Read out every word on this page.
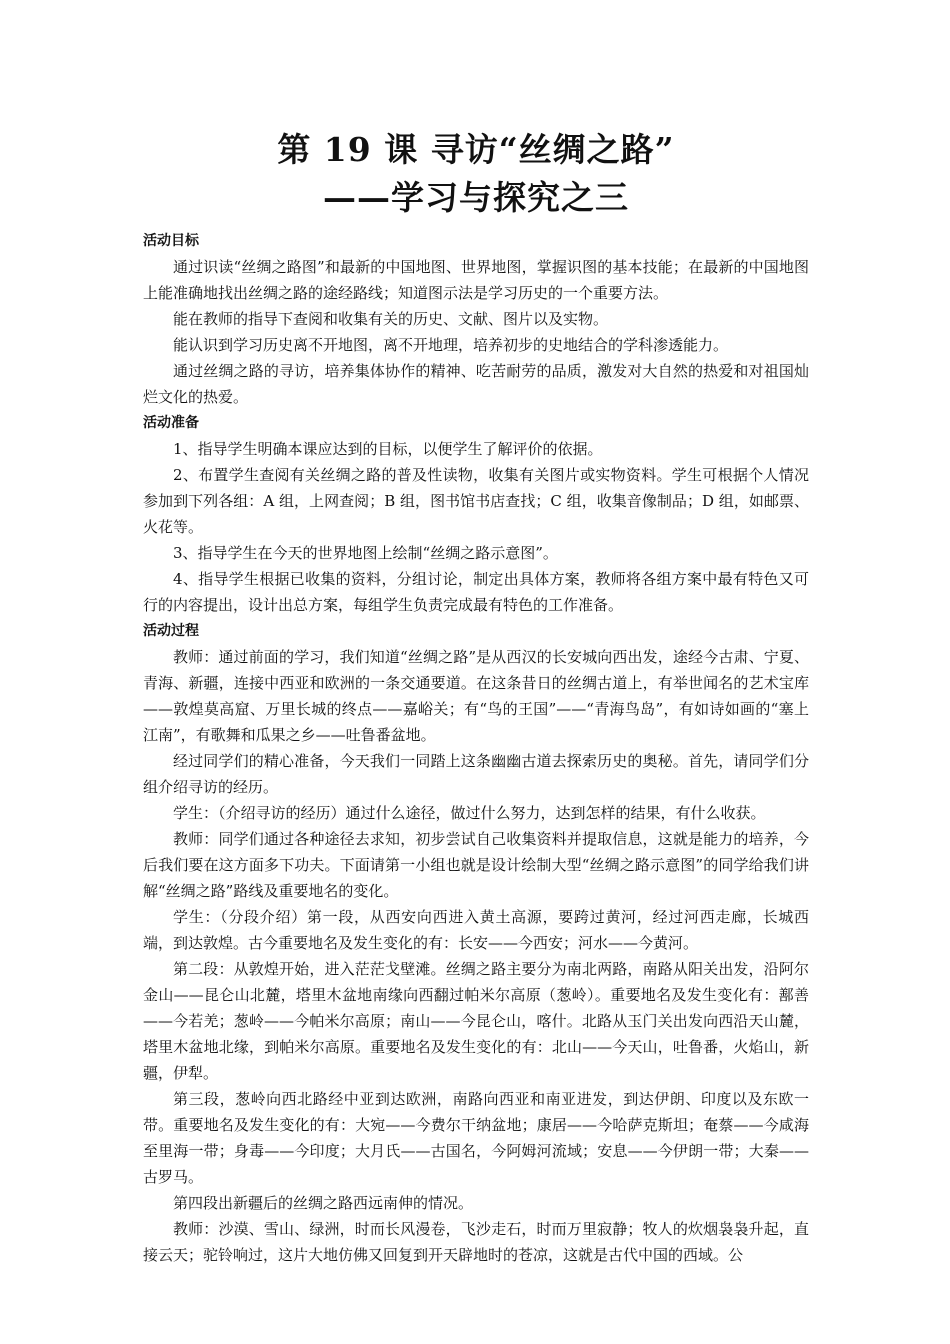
第 19 课 寻访“丝绸之路”
——学习与探究之三

活动目标

通过识读“丝绸之路图”和最新的中国地图、世界地图，掌握识图的基本技能；在最新的中国地图上能准确地找出丝绸之路的途经路线；知道图示法是学习历史的一个重要方法。

能在教师的指导下查阅和收集有关的历史、文献、图片以及实物。

能认识到学习历史离不开地图，离不开地理，培养初步的史地结合的学科渗透能力。

通过丝绸之路的寻访，培养集体协作的精神、吃苦耐劳的品质，激发对大自然的热爱和对祖国灿烂文化的热爱。

活动准备

1、指导学生明确本课应达到的目标，以便学生了解评价的依据。

2、布置学生查阅有关丝绸之路的普及性读物，收集有关图片或实物资料。学生可根据个人情况参加到下列各组：A 组，上网查阅；B 组，图书馆书店查找；C 组，收集音像制品；D 组，如邮票、火花等。

3、指导学生在今天的世界地图上绘制“丝绸之路示意图”。

4、指导学生根据已收集的资料，分组讨论，制定出具体方案，教师将各组方案中最有特色又可行的内容提出，设计出总方案，每组学生负责完成最有特色的工作准备。

活动过程

教师：通过前面的学习，我们知道“丝绸之路”是从西汉的长安城向西出发，途经今古肃、宁夏、青海、新疆，连接中西亚和欧洲的一条交通要道。在这条昔日的丝绸古道上，有举世闻名的艺术宝库——敦煌莫高窟、万里长城的终点——嘉峪关；有“鸟的王国”——“青海鸟岛”，有如诗如画的“塞上江南”，有歌舞和瓜果之乡——吐鲁番盆地。

经过同学们的精心准备，今天我们一同踏上这条幽幽古道去探索历史的奥秘。首先，请同学们分组介绍寻访的经历。

学生：（介绍寻访的经历）通过什么途径，做过什么努力，达到怎样的结果，有什么收获。

教师：同学们通过各种途径去求知，初步尝试自己收集资料并提取信息，这就是能力的培养，今后我们要在这方面多下功夫。下面请第一小组也就是设计绘制大型“丝绸之路示意图”的同学给我们讲解“丝绸之路”路线及重要地名的变化。

学生：（分段介绍）第一段，从西安向西进入黄土高源，要跨过黄河，经过河西走廊，长城西端，到达敦煌。古今重要地名及发生变化的有：长安——今西安；河水——今黄河。

第二段：从敦煌开始，进入茫茫戈壁滩。丝绸之路主要分为南北两路，南路从阳关出发，沿阿尔金山——昆仑山北麓，塔里木盆地南缘向西翻过帕米尔高原（葱岭）。重要地名及发生变化有：鄯善——今若羌；葱岭——今帕米尔高原；南山——今昆仑山，喀什。北路从玉门关出发向西沿天山麓，塔里木盆地北缘，到帕米尔高原。重要地名及发生变化的有：北山——今天山，吐鲁番，火焰山，新疆，伊犁。

第三段，葱岭向西北路经中亚到达欧洲，南路向西亚和南亚进发，到达伊朗、印度以及东欧一带。重要地名及发生变化的有：大宛——今费尔干纳盆地；康居——今哈萨克斯坦；奄蔡——今咸海至里海一带；身毒——今印度；大月氏——古国名，今阿姆河流域；安息——今伊朗一带；大秦——古罗马。

第四段出新疆后的丝绸之路西远南伸的情况。

教师：沙漠、雪山、绿洲，时而长风漫卷，飞沙走石，时而万里寂静；牧人的炊烟袅袅升起，直接云天；驼铃响过，这片大地仿佛又回复到开天辟地时的苍凉，这就是古代中国的西域。公
